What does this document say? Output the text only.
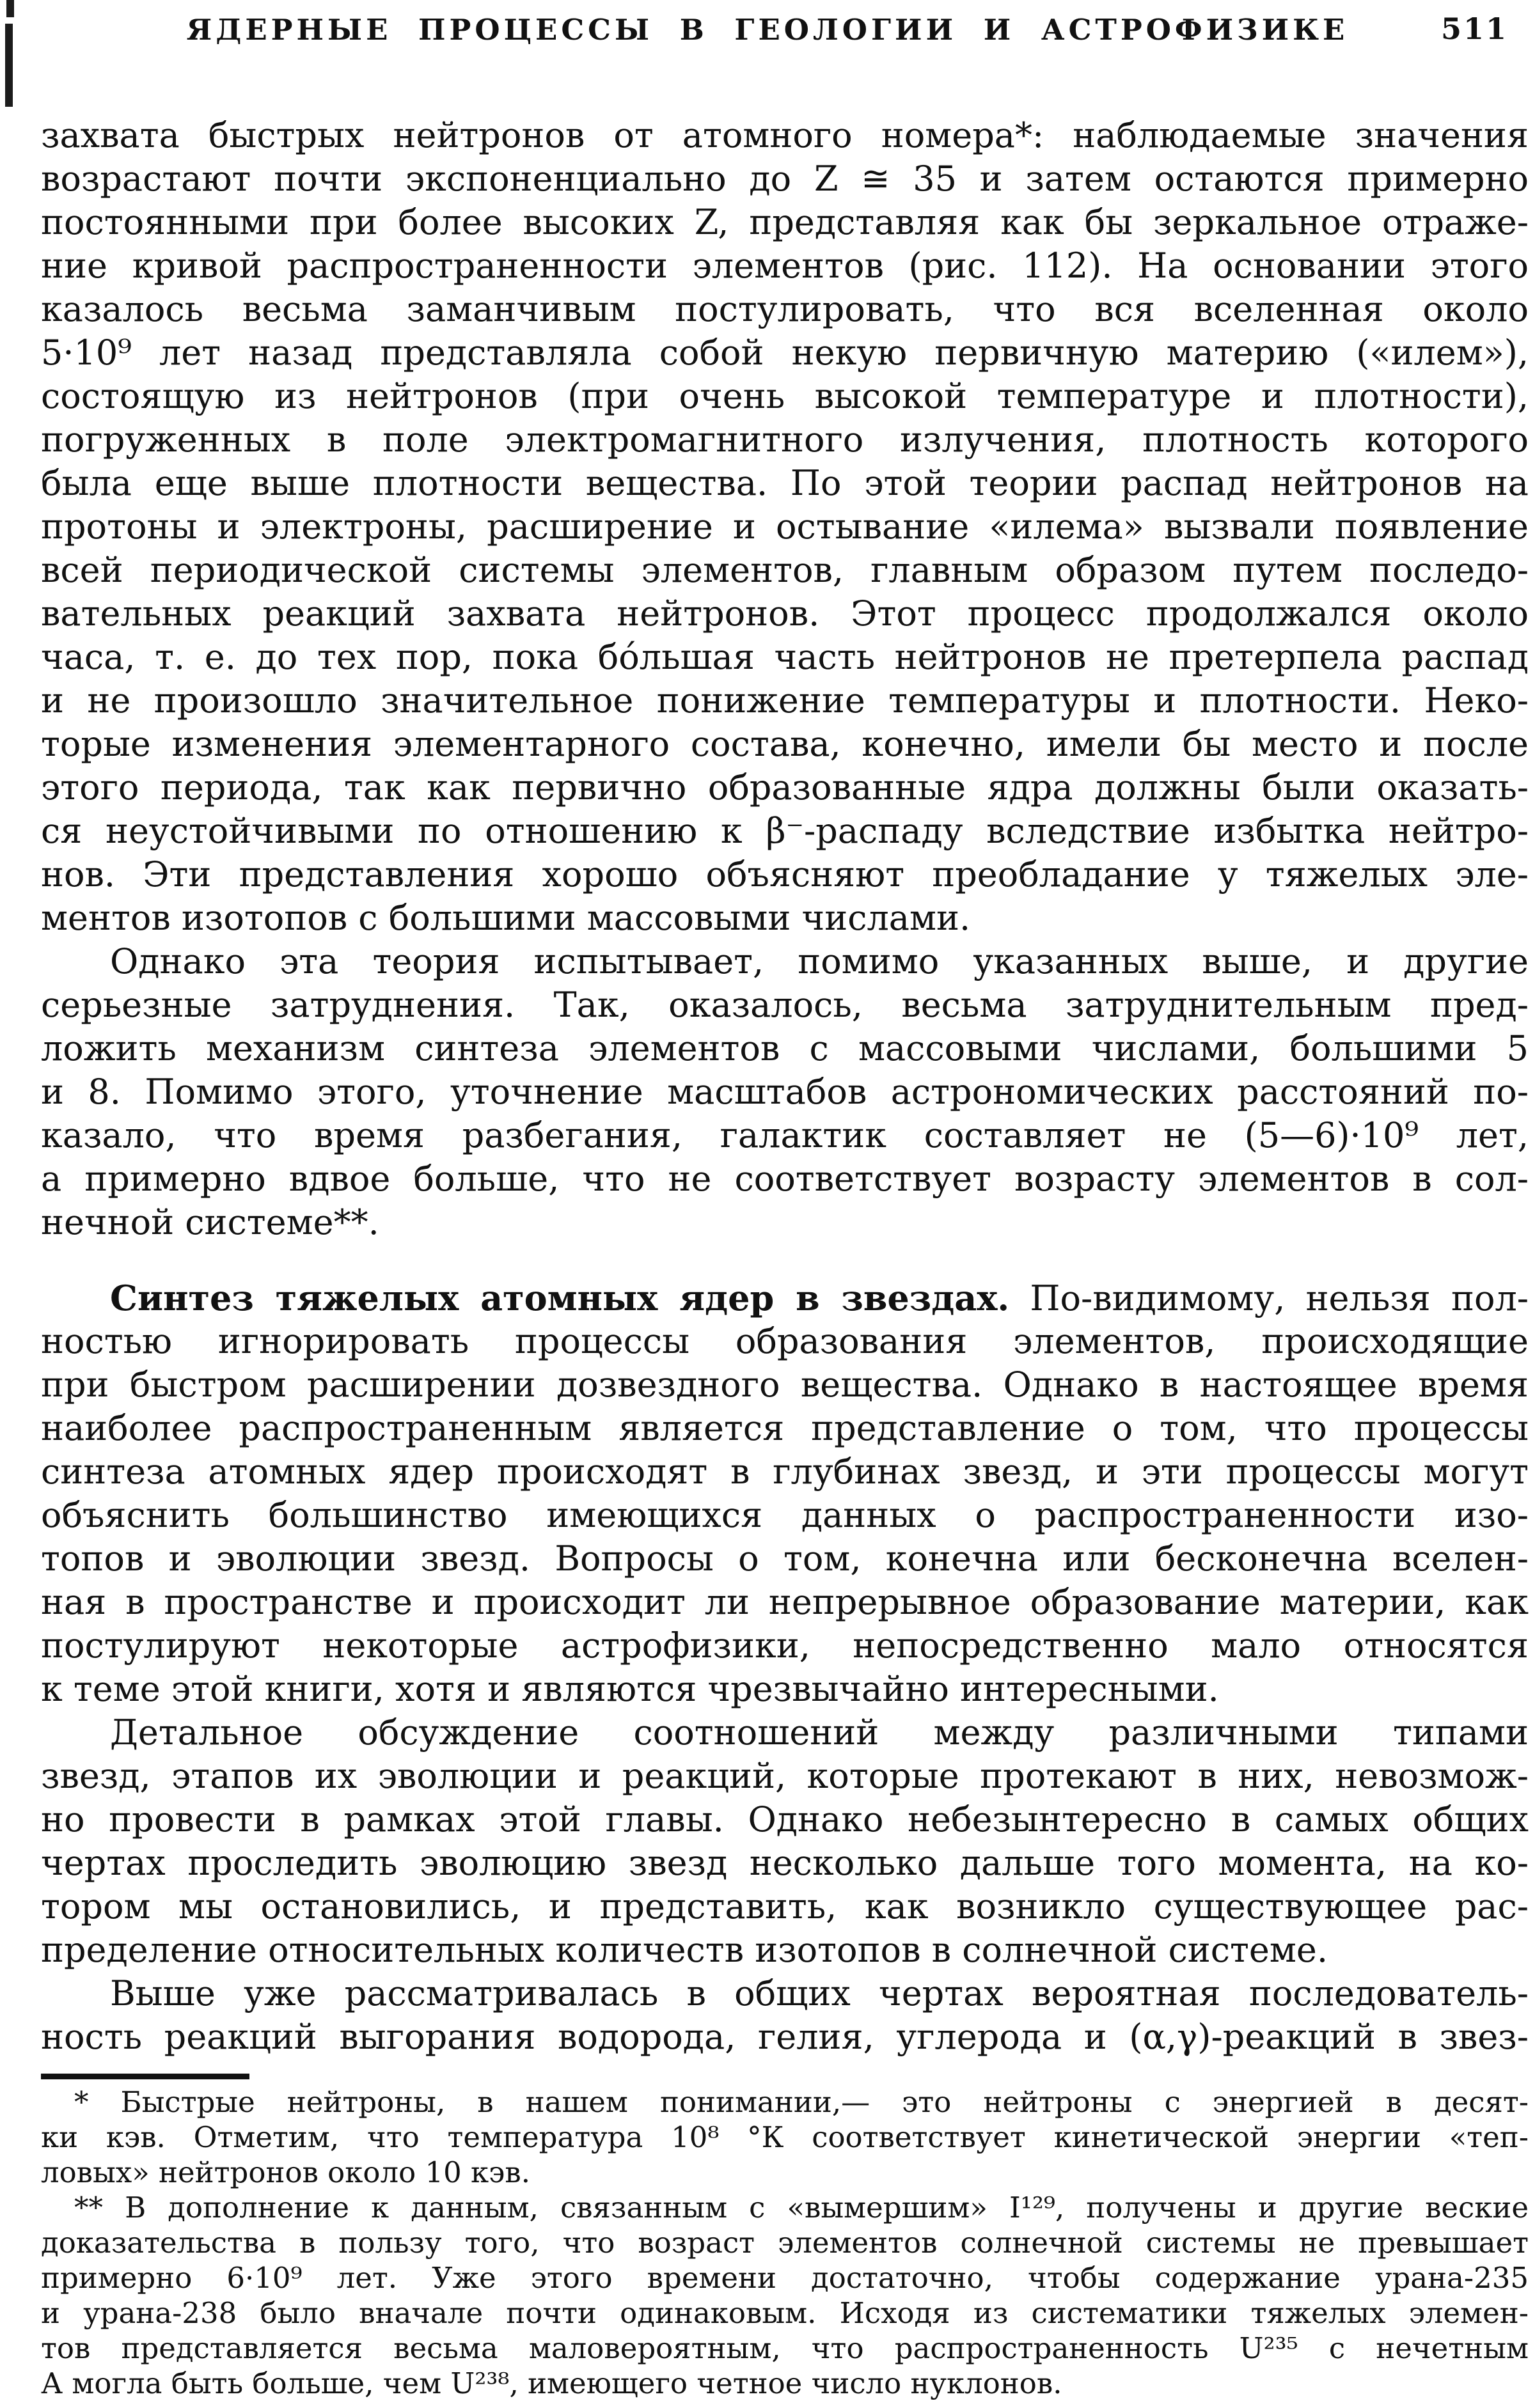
ЯДЕРНЫЕ ПРОЦЕССЫ В ГЕОЛОГИИ И АСТРОФИЗИКЕ	511
захвата быстрых нейтронов от атомного номера*: наблюдаемые значения
возрастают почти экспоненциально до Z ≅ 35 и затем остаются примерно
постоянными при более высоких Z, представляя как бы зеркальное отраже-
ние кривой распространенности элементов (рис. 112). На основании этого
казалось весьма заманчивым постулировать, что вся вселенная около
5·10⁹ лет назад представляла собой некую первичную материю («илем»),
состоящую из нейтронов (при очень высокой температуре и плотности),
погруженных в поле электромагнитного излучения, плотность которого
была еще выше плотности вещества. По этой теории распад нейтронов на
протоны и электроны, расширение и остывание «илема» вызвали появление
всей периодической системы элементов, главным образом путем последо-
вательных реакций захвата нейтронов. Этот процесс продолжался около
часа, т. е. до тех пор, пока бо́льшая часть нейтронов не претерпела распад
и не произошло значительное понижение температуры и плотности. Неко-
торые изменения элементарного состава, конечно, имели бы место и после
этого периода, так как первично образованные ядра должны были оказать-
ся неустойчивыми по отношению к β⁻-распаду вследствие избытка нейтро-
нов. Эти представления хорошо объясняют преобладание у тяжелых эле-
ментов изотопов с большими массовыми числами.
Однако эта теория испытывает, помимо указанных выше, и другие
серьезные затруднения. Так, оказалось, весьма затруднительным пред-
ложить механизм синтеза элементов с массовыми числами, большими 5
и 8. Помимо этого, уточнение масштабов астрономических расстояний по-
казало, что время разбегания, галактик составляет не (5—6)·10⁹ лет,
а примерно вдвое больше, что не соответствует возрасту элементов в сол-
нечной системе**.
Синтез тяжелых атомных ядер в звездах. По-видимому, нельзя пол-
ностью игнорировать процессы образования элементов, происходящие
при быстром расширении дозвездного вещества. Однако в настоящее время
наиболее распространенным является представление о том, что процессы
синтеза атомных ядер происходят в глубинах звезд, и эти процессы могут
объяснить большинство имеющихся данных о распространенности изо-
топов и эволюции звезд. Вопросы о том, конечна или бесконечна вселен-
ная в пространстве и происходит ли непрерывное образование материи, как
постулируют некоторые астрофизики, непосредственно мало относятся
к теме этой книги, хотя и являются чрезвычайно интересными.
Детальное обсуждение соотношений между различными типами
звезд, этапов их эволюции и реакций, которые протекают в них, невозмож-
но провести в рамках этой главы. Однако небезынтересно в самых общих
чертах проследить эволюцию звезд несколько дальше того момента, на ко-
тором мы остановились, и представить, как возникло существующее рас-
пределение относительных количеств изотопов в солнечной системе.
Выше уже рассматривалась в общих чертах вероятная последователь-
ность реакций выгорания водорода, гелия, углерода и (α,γ)-реакций в звез-
* Быстрые нейтроны, в нашем понимании,— это нейтроны с энергией в десят-
ки кэв. Отметим, что температура 10⁸ °К соответствует кинетической энергии «теп-
ловых» нейтронов около 10 кэв.
** В дополнение к данным, связанным с «вымершим» I¹²⁹, получены и другие веские
доказательства в пользу того, что возраст элементов солнечной системы не превышает
примерно 6·10⁹ лет. Уже этого времени достаточно, чтобы содержание урана-235
и урана-238 было вначале почти одинаковым. Исходя из систематики тяжелых элемен-
тов представляется весьма маловероятным, что распространенность U²³⁵ с нечетным
А могла быть больше, чем U²³⁸, имеющего четное число нуклонов.
